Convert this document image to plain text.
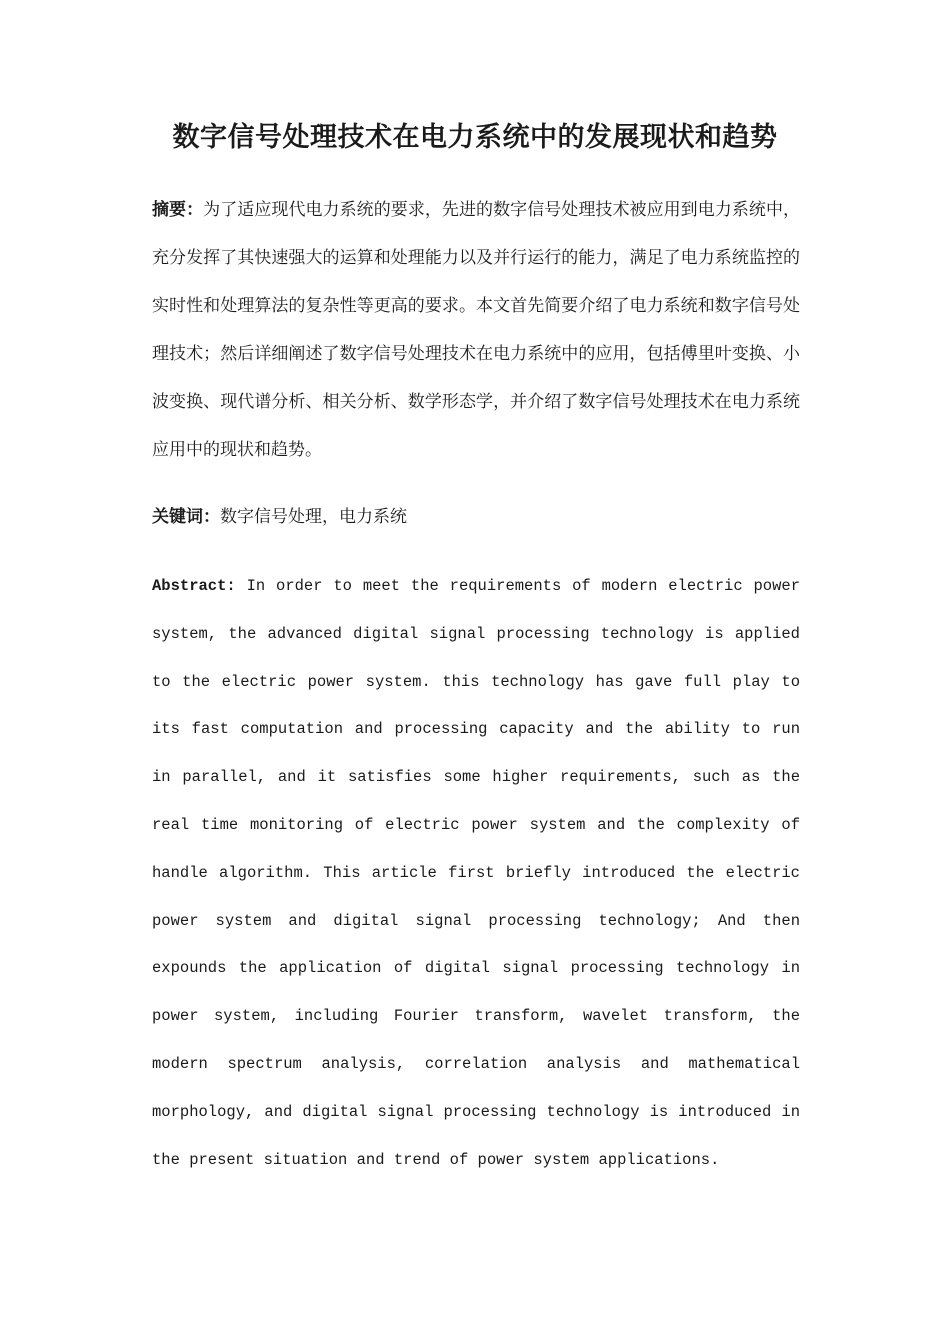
数字信号处理技术在电力系统中的发展现状和趋势
摘要：为了适应现代电力系统的要求，先进的数字信号处理技术被应用到电力系统中，充分发挥了其快速强大的运算和处理能力以及并行运行的能力，满足了电力系统监控的实时性和处理算法的复杂性等更高的要求。本文首先简要介绍了电力系统和数字信号处理技术；然后详细阐述了数字信号处理技术在电力系统中的应用，包括傅里叶变换、小波变换、现代谱分析、相关分析、数学形态学，并介绍了数字信号处理技术在电力系统应用中的现状和趋势。
关键词：数字信号处理，电力系统
Abstract: In order to meet the requirements of modern electric power system, the advanced digital signal processing technology is applied to the electric power system. this technology has gave full play to its fast computation and processing capacity and the ability to run in parallel, and it satisfies some higher requirements, such as the real time monitoring of electric power system and the complexity of handle algorithm. This article first briefly introduced the electric power system and digital signal processing technology; And then expounds the application of digital signal processing technology in power system, including Fourier transform, wavelet transform, the modern spectrum analysis, correlation analysis and mathematical morphology, and digital signal processing technology is introduced in the present situation and trend of power system applications.
